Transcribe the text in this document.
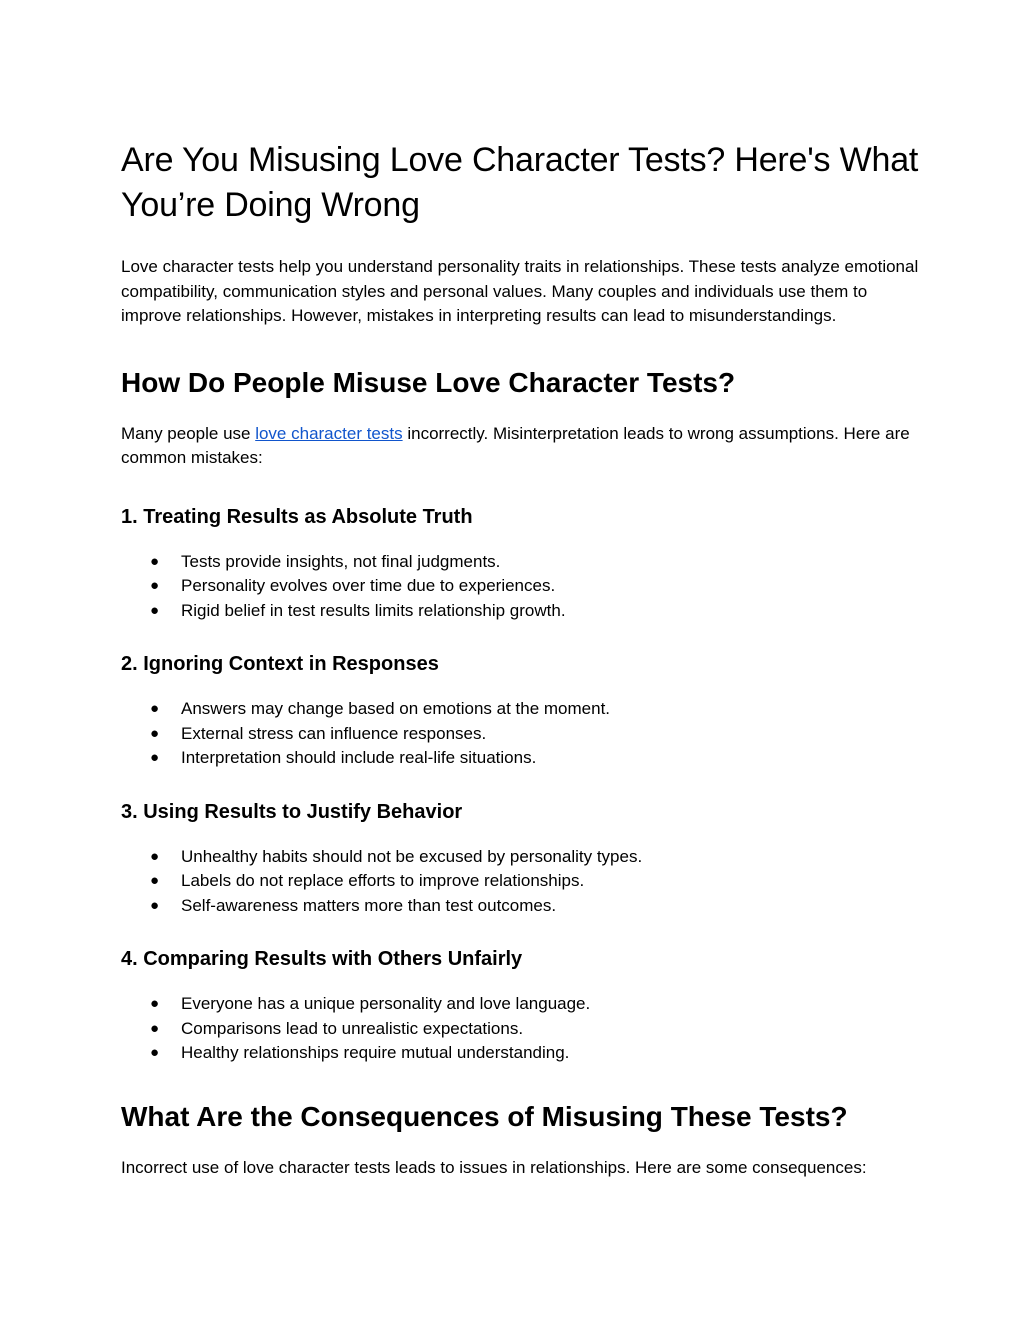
Are You Misusing Love Character Tests? Here's What You’re Doing Wrong

Love character tests help you understand personality traits in relationships. These tests analyze emotional compatibility, communication styles and personal values. Many couples and individuals use them to improve relationships. However, mistakes in interpreting results can lead to misunderstandings.

How Do People Misuse Love Character Tests?

Many people use love character tests incorrectly. Misinterpretation leads to wrong assumptions. Here are common mistakes:

1. Treating Results as Absolute Truth
● Tests provide insights, not final judgments.
● Personality evolves over time due to experiences.
● Rigid belief in test results limits relationship growth.
2. Ignoring Context in Responses
● Answers may change based on emotions at the moment.
● External stress can influence responses.
● Interpretation should include real-life situations.
3. Using Results to Justify Behavior
● Unhealthy habits should not be excused by personality types.
● Labels do not replace efforts to improve relationships.
● Self-awareness matters more than test outcomes.
4. Comparing Results with Others Unfairly
● Everyone has a unique personality and love language.
● Comparisons lead to unrealistic expectations.
● Healthy relationships require mutual understanding.
What Are the Consequences of Misusing These Tests?

Incorrect use of love character tests leads to issues in relationships. Here are some consequences:
